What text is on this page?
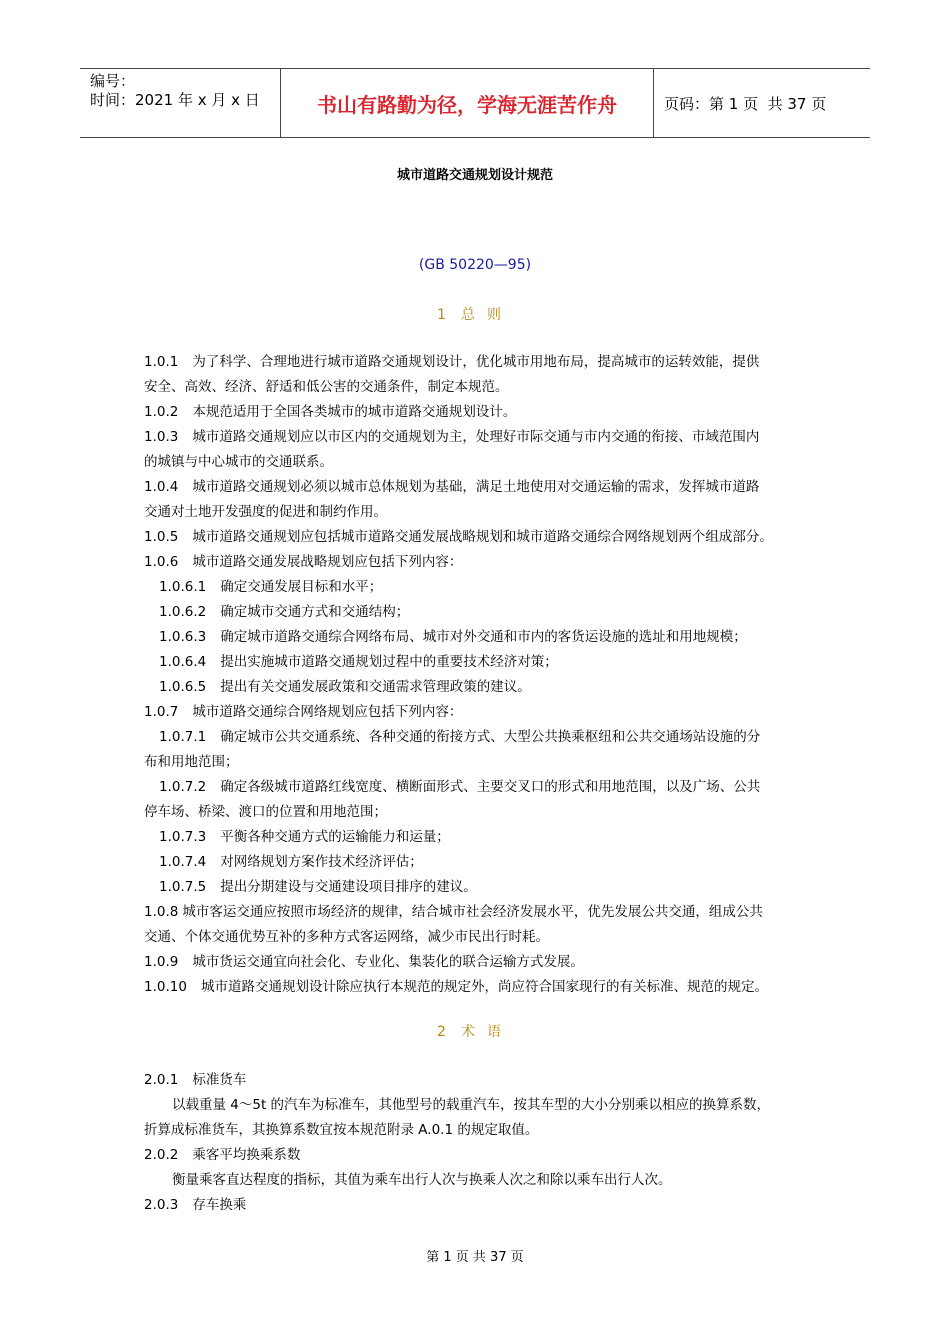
编号：
时间：2021 年 x 月 x 日	书山有路勤为径，学海无涯苦作舟	页码：第 1 页  共 37 页
城市道路交通规划设计规范
(GB 50220—95)
1 总则
1.0.1 为了科学、合理地进行城市道路交通规划设计，优化城市用地布局，提高城市的运转效能，提供
安全、高效、经济、舒适和低公害的交通条件，制定本规范。
1.0.2 本规范适用于全国各类城市的城市道路交通规划设计。
1.0.3 城市道路交通规划应以市区内的交通规划为主，处理好市际交通与市内交通的衔接、市域范围内
的城镇与中心城市的交通联系。
1.0.4 城市道路交通规划必须以城市总体规划为基础，满足土地使用对交通运输的需求，发挥城市道路
交通对土地开发强度的促进和制约作用。
1.0.5 城市道路交通规划应包括城市道路交通发展战略规划和城市道路交通综合网络规划两个组成部分。
1.0.6 城市道路交通发展战略规划应包括下列内容：
1.0.6.1 确定交通发展目标和水平；
1.0.6.2 确定城市交通方式和交通结构；
1.0.6.3 确定城市道路交通综合网络布局、城市对外交通和市内的客货运设施的选址和用地规模；
1.0.6.4 提出实施城市道路交通规划过程中的重要技术经济对策；
1.0.6.5 提出有关交通发展政策和交通需求管理政策的建议。
1.0.7 城市道路交通综合网络规划应包括下列内容：
1.0.7.1 确定城市公共交通系统、各种交通的衔接方式、大型公共换乘枢纽和公共交通场站设施的分
布和用地范围；
1.0.7.2 确定各级城市道路红线宽度、横断面形式、主要交叉口的形式和用地范围，以及广场、公共
停车场、桥梁、渡口的位置和用地范围；
1.0.7.3 平衡各种交通方式的运输能力和运量；
1.0.7.4 对网络规划方案作技术经济评估；
1.0.7.5 提出分期建设与交通建设项目排序的建议。
1.0.8 城市客运交通应按照市场经济的规律，结合城市社会经济发展水平，优先发展公共交通，组成公共
交通、个体交通优势互补的多种方式客运网络，减少市民出行时耗。
1.0.9 城市货运交通宜向社会化、专业化、集装化的联合运输方式发展。
1.0.10 城市道路交通规划设计除应执行本规范的规定外，尚应符合国家现行的有关标准、规范的规定。
2 术语
2.0.1 标准货车
以载重量 4～5t 的汽车为标准车，其他型号的载重汽车，按其车型的大小分别乘以相应的换算系数，
折算成标准货车，其换算系数宜按本规范附录 A.0.1 的规定取值。
2.0.2 乘客平均换乘系数
衡量乘客直达程度的指标，其值为乘车出行人次与换乘人次之和除以乘车出行人次。
2.0.3 存车换乘
第 1 页 共 37 页
